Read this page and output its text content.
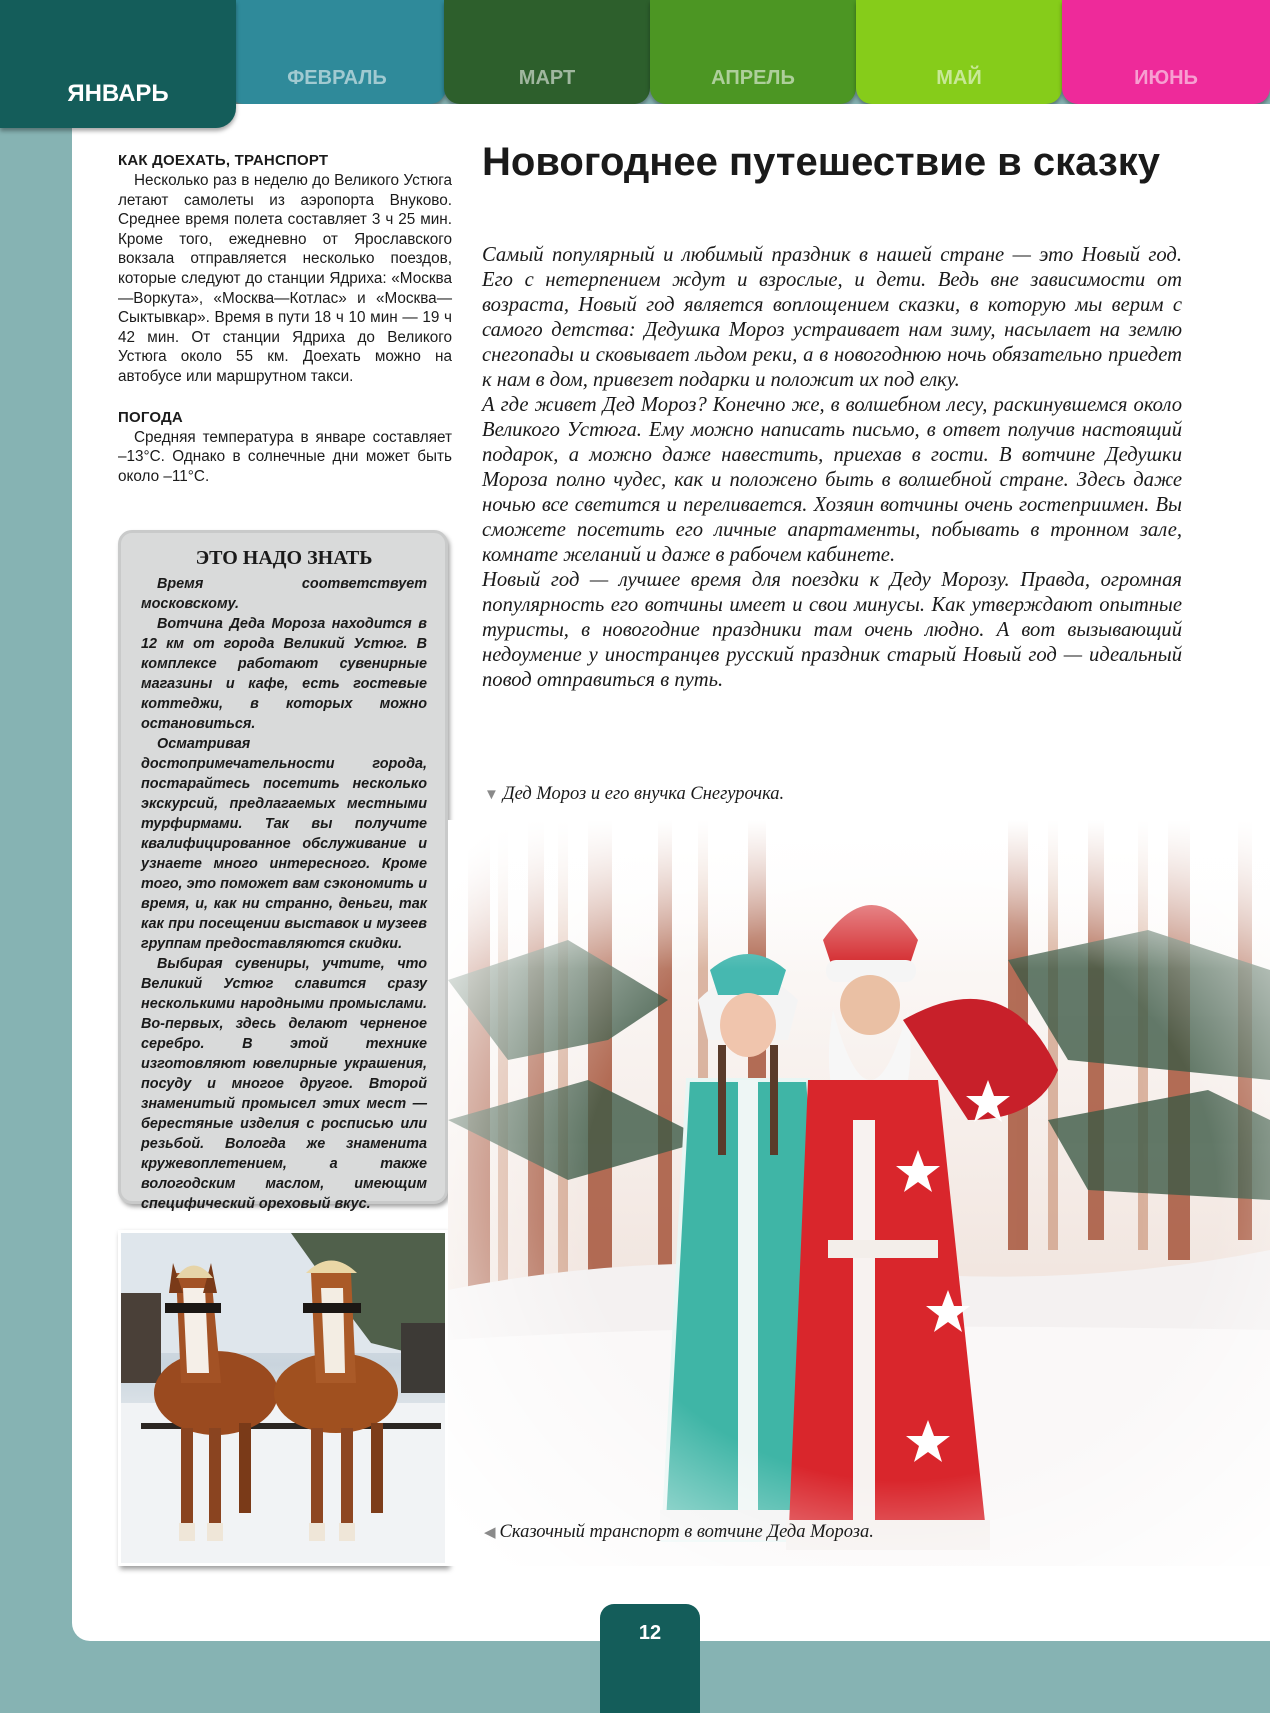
ФЕВРАЛЬ	МАРТ	АПРЕЛЬ	МАЙ	ИЮНЬ
ЯНВАРЬ
КАК ДОЕХАТЬ, ТРАНСПОРТ

Несколько раз в неделю до Великого Устюга летают самолеты из аэропорта Внуково. Среднее время полета составляет 3 ч 25 мин. Кроме того, ежедневно от Ярославского вокзала отправляется несколько поездов, которые следуют до станции Ядриха: «Москва—Воркута», «Москва—Котлас» и «Москва—Сыктывкар». Время в пути 18 ч 10 мин — 19 ч 42 мин. От станции Ядриха до Великого Устюга около 55 км. Доехать можно на автобусе или маршрутном такси.

ПОГОДА

Средняя температура в январе составляет –13°С. Однако в солнечные дни может быть около –11°С.

ЭТО НАДО ЗНАТЬ

Время соответствует московскому.

Вотчина Деда Мороза находится в 12 км от города Великий Устюг. В комплексе работают сувенирные магазины и кафе, есть гостевые коттеджи, в которых можно остановиться.

Осматривая достопримечательности города, постарайтесь посетить несколько экскурсий, предлагаемых местными турфирмами. Так вы получите квалифицированное обслуживание и узнаете много интересного. Кроме того, это поможет вам сэкономить и время, и, как ни странно, деньги, так как при посещении выставок и музеев группам предоставляются скидки.

Выбирая сувениры, учтите, что Великий Устюг славится сразу несколькими народными промыслами. Во-первых, здесь делают черненое серебро. В этой технике изготовляют ювелирные украшения, посуду и многое другое. Второй знаменитый промысел этих мест — берестяные изделия с росписью или резьбой. Вологда же знаменита кружевоплетением, а также вологодским маслом, имеющим специфический ореховый вкус.

Новогоднее путешествие в сказку

Самый популярный и любимый праздник в нашей стране — это Новый год. Его с нетерпением ждут и взрослые, и дети. Ведь вне зависимости от возраста, Новый год является воплощением сказки, в которую мы верим с самого детства: Дедушка Мороз устраивает нам зиму, насылает на землю снегопады и сковывает льдом реки, а в новогоднюю ночь обязательно приедет к нам в дом, привезет подарки и положит их под елку.

А где живет Дед Мороз? Конечно же, в волшебном лесу, раскинувшемся около Великого Устюга. Ему можно написать письмо, в ответ получив настоящий подарок, а можно даже навестить, приехав в гости. В вотчине Дедушки Мороза полно чудес, как и положено быть в волшебной стране. Здесь даже ночью все светится и переливается. Хозяин вотчины очень гостеприимен. Вы сможете посетить его личные апартаменты, побывать в тронном зале, комнате желаний и даже в рабочем кабинете.

Новый год — лучшее время для поездки к Деду Морозу. Правда, огромная популярность его вотчины имеет и свои минусы. Как утверждают опытные туристы, в новогодние праздники там очень людно. А вот вызывающий недоумение у иностранцев русский праздник старый Новый год — идеальный повод отправиться в путь.

▼ Дед Мороз и его внучка Снегурочка.
◀ Сказочный транспорт в вотчине Деда Мороза.
12
